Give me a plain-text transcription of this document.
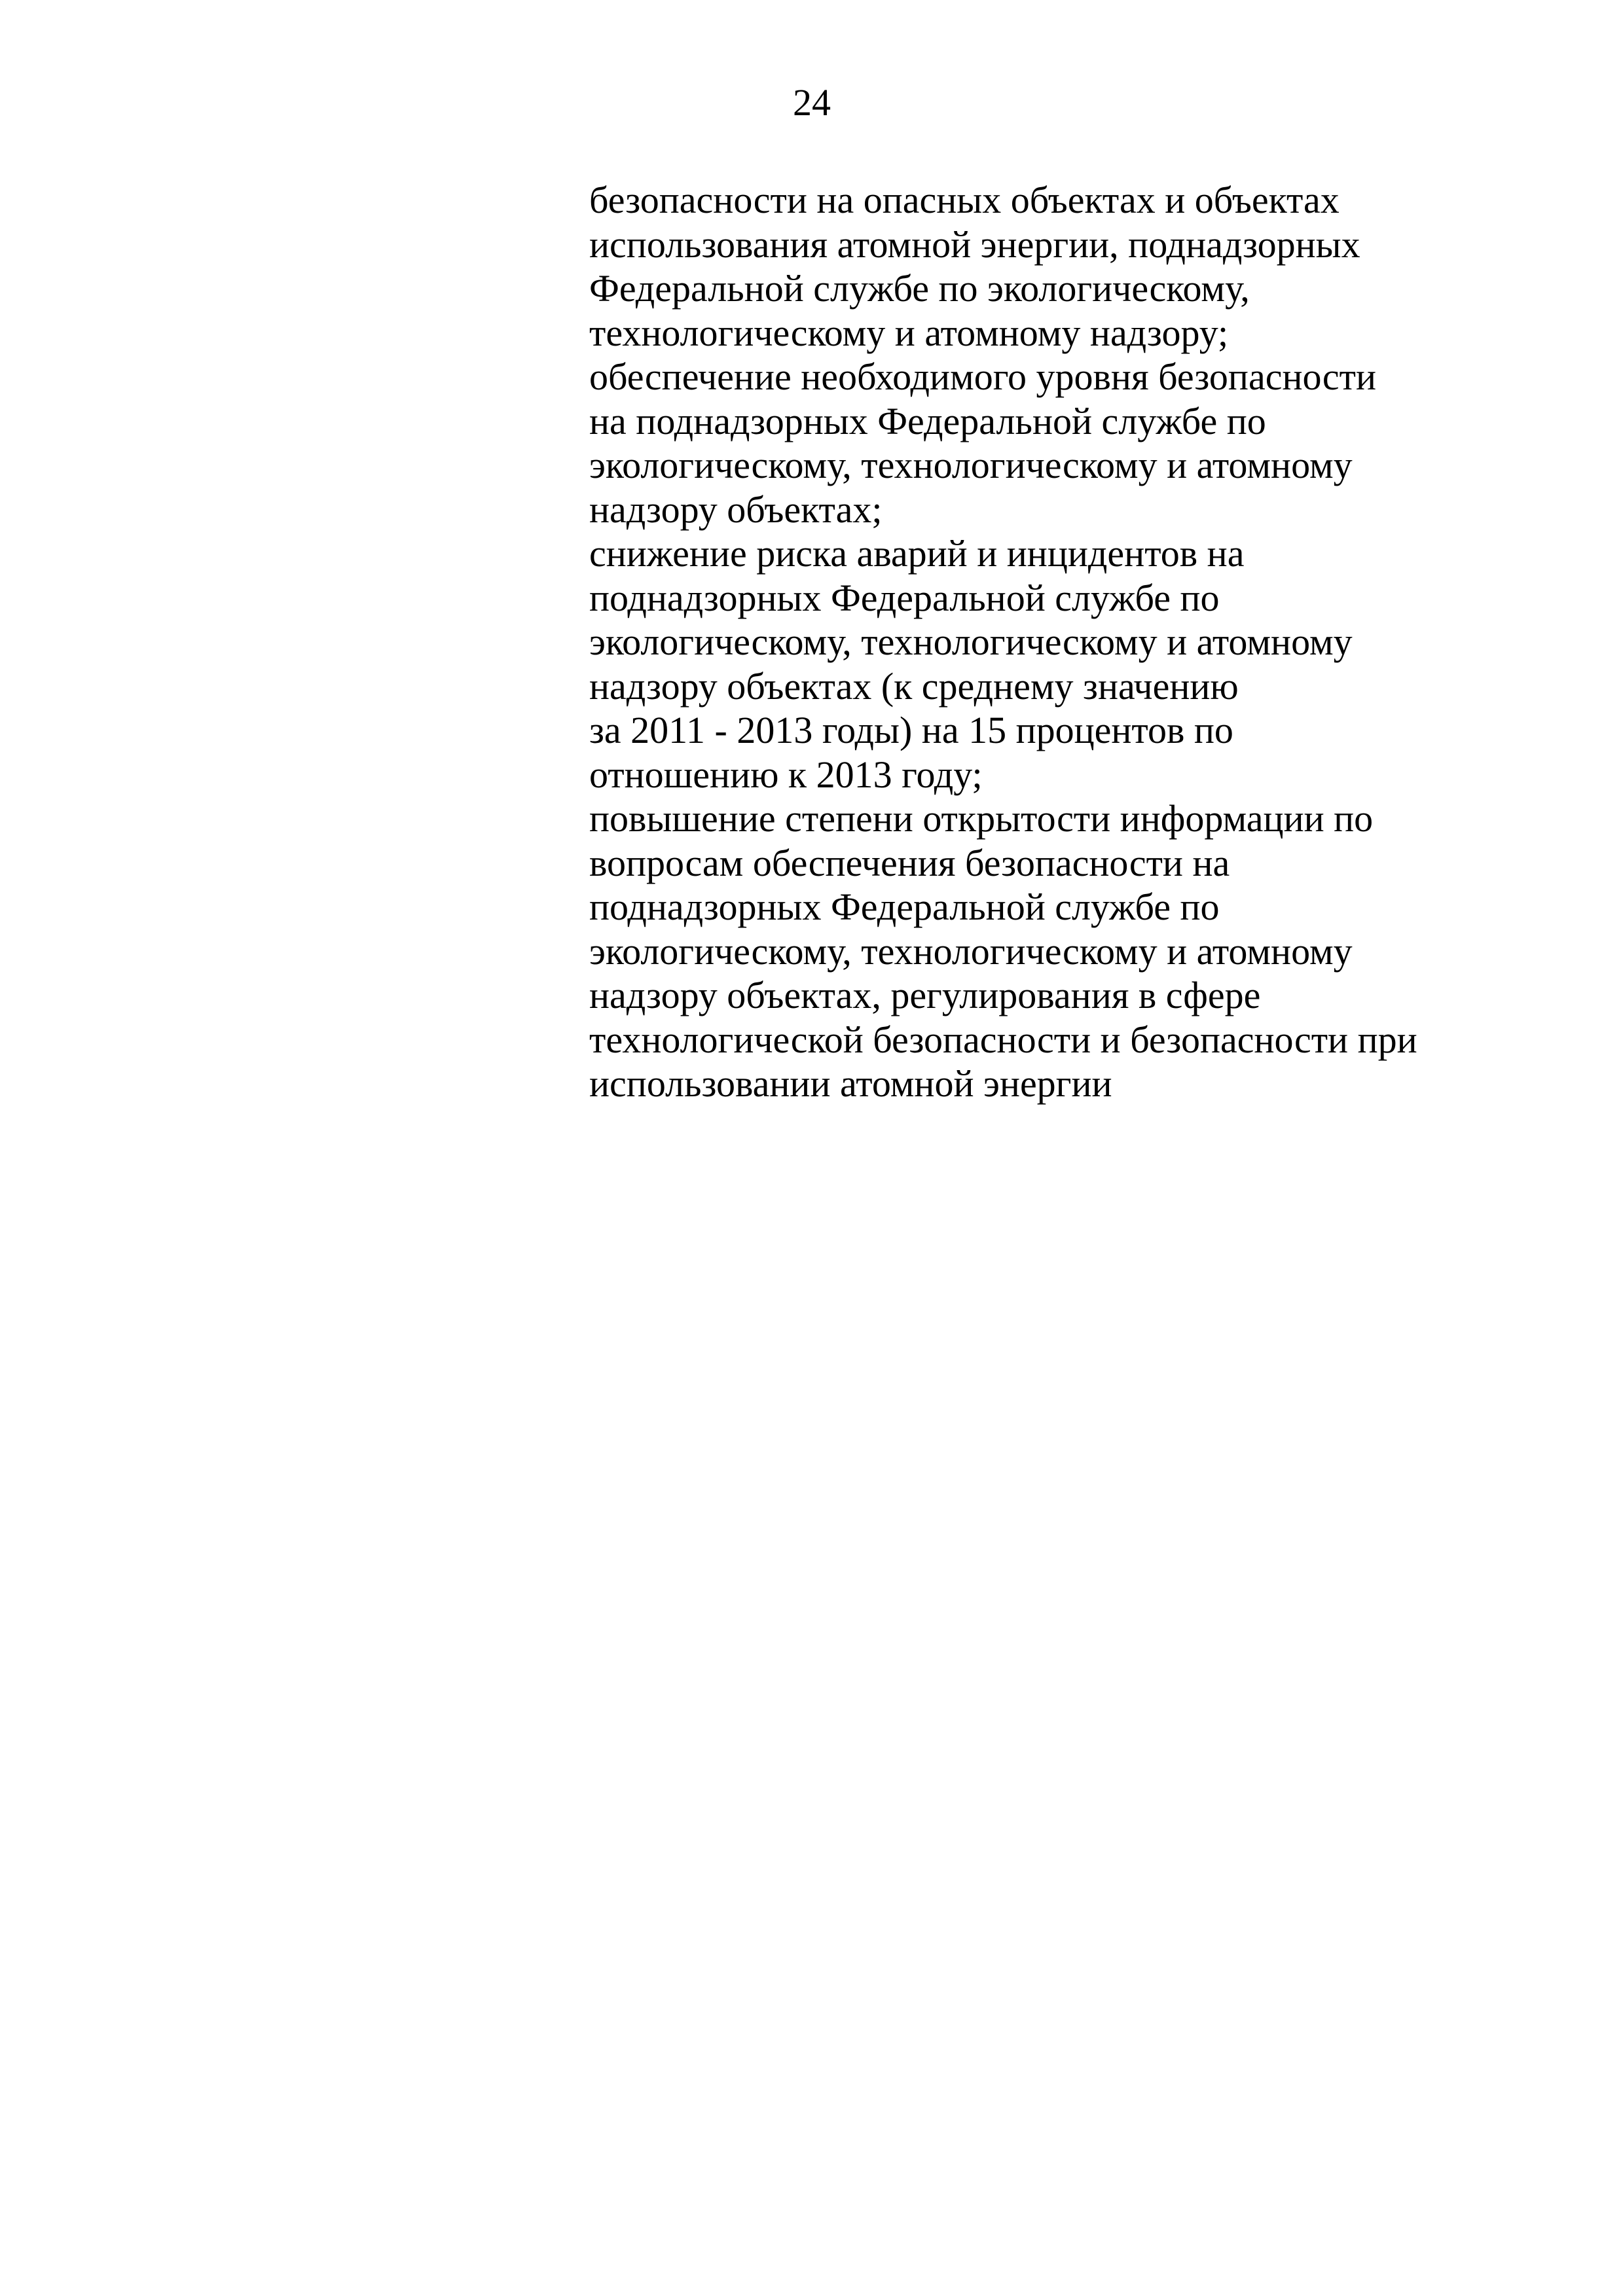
24
безопасности на опасных объектах и объектах
использования атомной энергии, поднадзорных
Федеральной службе по экологическому,
технологическому и атомному надзору;
обеспечение необходимого уровня безопасности
на поднадзорных Федеральной службе по
экологическому, технологическому и атомному
надзору объектах;
снижение риска аварий и инцидентов на
поднадзорных Федеральной службе по
экологическому, технологическому и атомному
надзору объектах (к среднему значению
за 2011 - 2013 годы) на 15 процентов по
отношению к 2013 году;
повышение степени открытости информации по
вопросам обеспечения безопасности на
поднадзорных Федеральной службе по
экологическому, технологическому и атомному
надзору объектах, регулирования в сфере
технологической безопасности и безопасности при
использовании атомной энергии
